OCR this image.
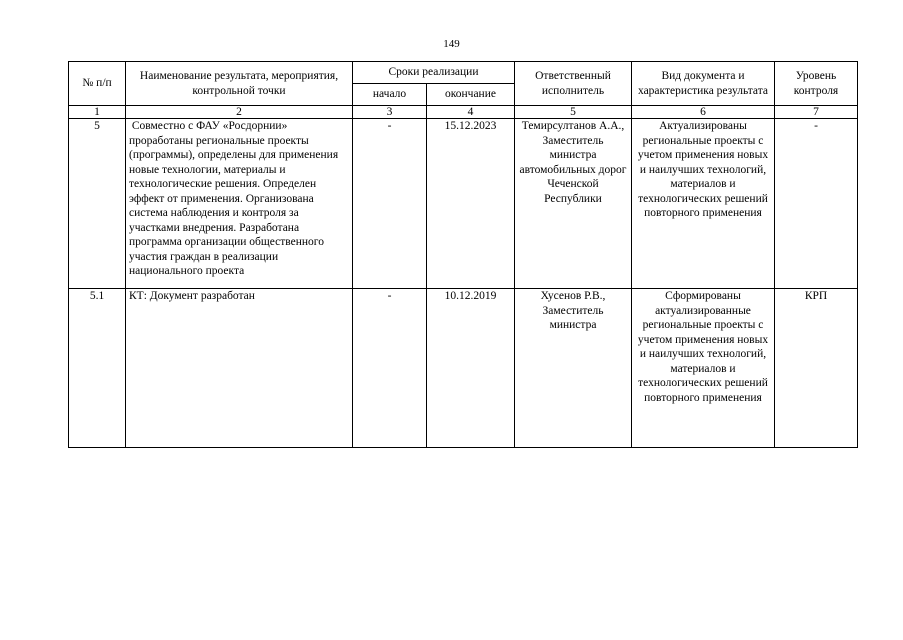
149
№ п/п	Наименование результата, мероприятия, контрольной точки	Сроки реализации		Ответственный исполнитель	Вид документа и характеристика результата	Уровень контроля
		начало	окончание			
1	2	3	4	5	6	7

5	Совместно с ФАУ «Росдорнии» проработаны региональные проекты (программы), определены для применения новые технологии, материалы и технологические решения. Определен эффект от применения. Организована система наблюдения и контроля за участками внедрения. Разработана программа организации общественного участия граждан в реализации национального проекта	-	15.12.2023	Темирсултанов А.А., Заместитель министра автомобильных дорог Чеченской Республики	Актуализированы региональные проекты с учетом применения новых и наилучших технологий, материалов и технологических решений повторного применения	-

5.1	КТ: Документ разработан	-	10.12.2019	Хусенов Р.В., Заместитель министра	Сформированы актуализированные региональные проекты с учетом применения новых и наилучших технологий, материалов и технологических решений повторного применения	КРП
